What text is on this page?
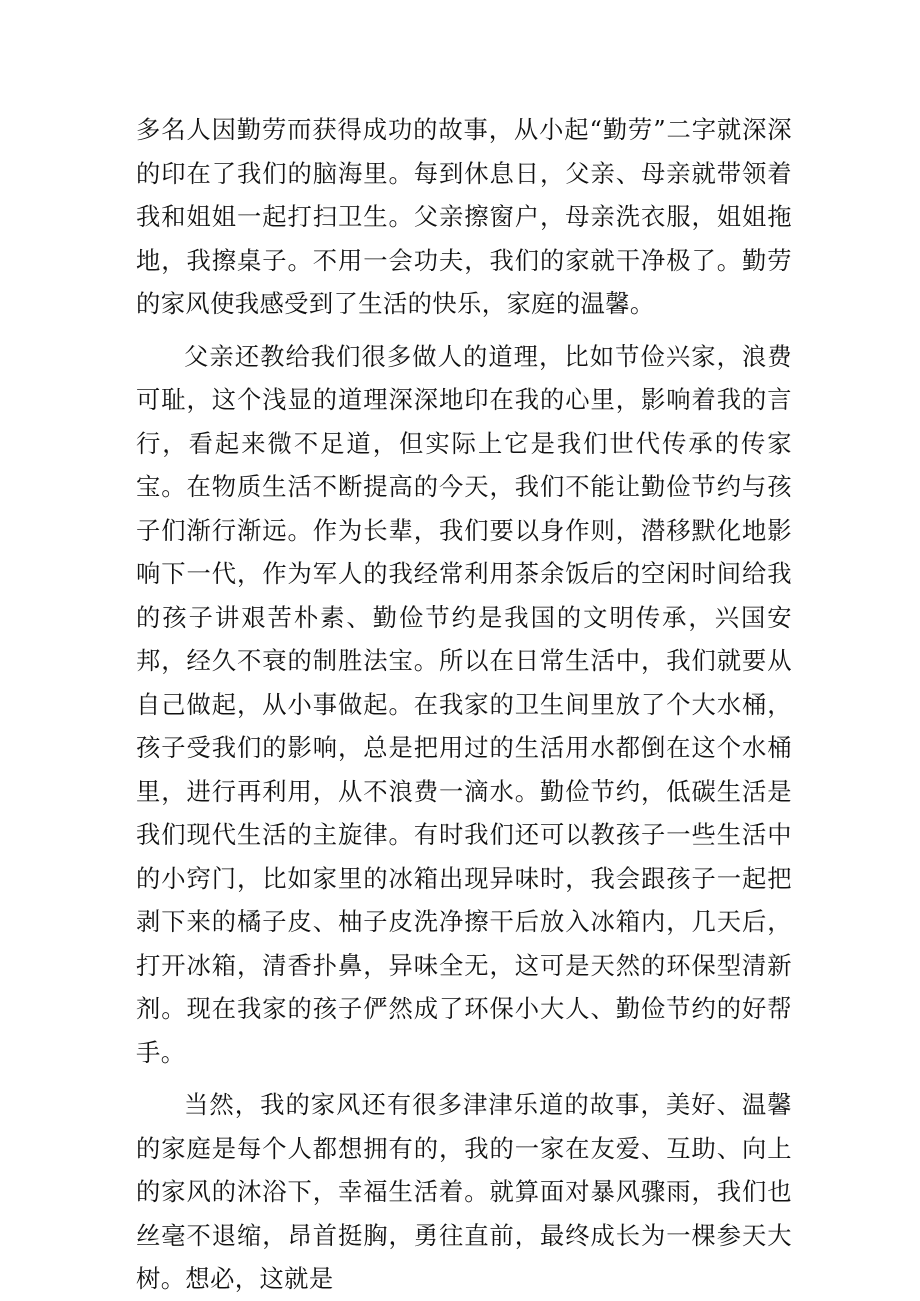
多名人因勤劳而获得成功的故事，从小起“勤劳”二字就深深的印在了我们的脑海里。每到休息日，父亲、母亲就带领着我和姐姐一起打扫卫生。父亲擦窗户，母亲洗衣服，姐姐拖地，我擦桌子。不用一会功夫，我们的家就干净极了。勤劳的家风使我感受到了生活的快乐，家庭的温馨。

父亲还教给我们很多做人的道理，比如节俭兴家，浪费可耻，这个浅显的道理深深地印在我的心里，影响着我的言行，看起来微不足道，但实际上它是我们世代传承的传家宝。在物质生活不断提高的今天，我们不能让勤俭节约与孩子们渐行渐远。作为长辈，我们要以身作则，潜移默化地影响下一代，作为军人的我经常利用茶余饭后的空闲时间给我的孩子讲艰苦朴素、勤俭节约是我国的文明传承，兴国安邦，经久不衰的制胜法宝。所以在日常生活中，我们就要从自己做起，从小事做起。在我家的卫生间里放了个大水桶，孩子受我们的影响，总是把用过的生活用水都倒在这个水桶里，进行再利用，从不浪费一滴水。勤俭节约，低碳生活是我们现代生活的主旋律。有时我们还可以教孩子一些生活中的小窍门，比如家里的冰箱出现异味时，我会跟孩子一起把剥下来的橘子皮、柚子皮洗净擦干后放入冰箱内，几天后，打开冰箱，清香扑鼻，异味全无，这可是天然的环保型清新剂。现在我家的孩子俨然成了环保小大人、勤俭节约的好帮手。

当然，我的家风还有很多津津乐道的故事，美好、温馨的家庭是每个人都想拥有的，我的一家在友爱、互助、向上的家风的沐浴下，幸福生活着。就算面对暴风骤雨，我们也丝毫不退缩，昂首挺胸，勇往直前，最终成长为一棵参天大树。想必，这就是
